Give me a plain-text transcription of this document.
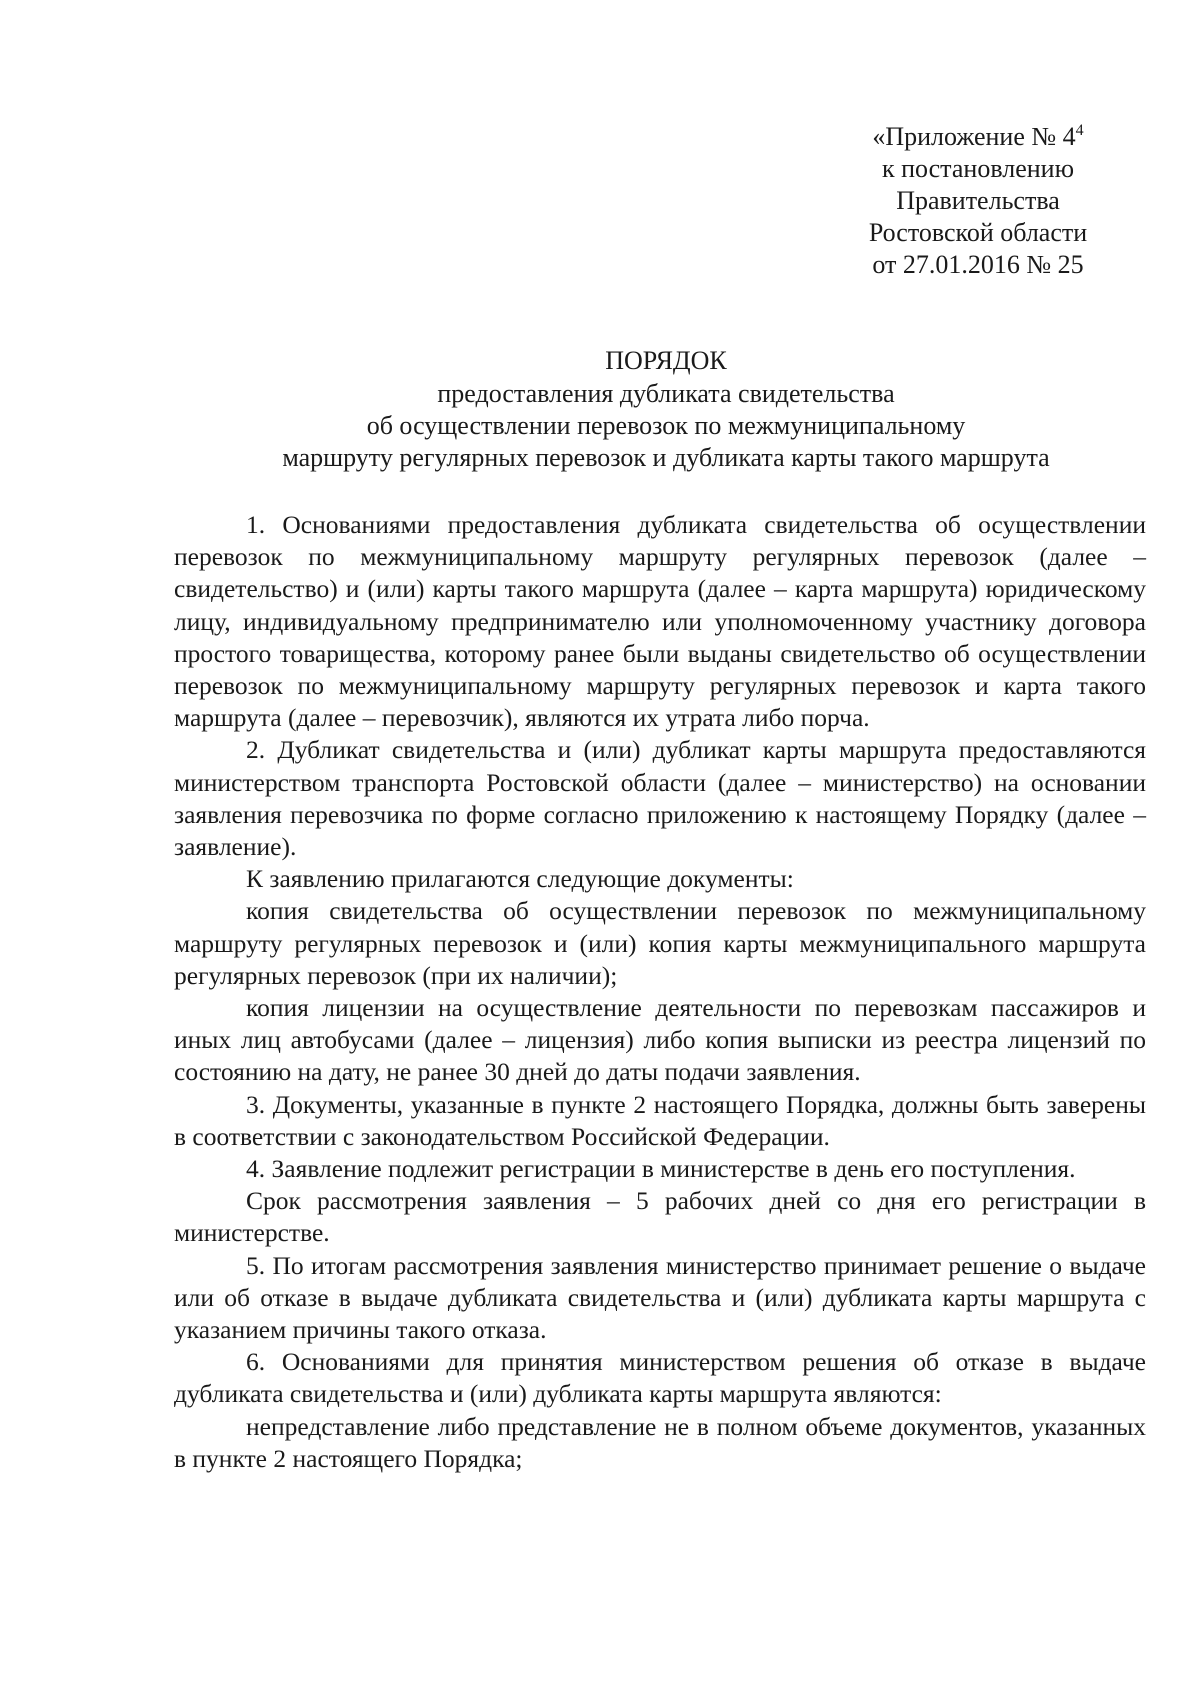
«Приложение № $4^4$
к постановлению
Правительства
Ростовской области
от 27.01.2016 № 25
ПОРЯДОК
предоставления дубликата свидетельства
об осуществлении перевозок по межмуниципальному
маршруту регулярных перевозок и дубликата карты такого маршрута

1. Основаниями предоставления дубликата свидетельства об осуществлении перевозок по межмуниципальному маршруту регулярных перевозок (далее – свидетельство) и (или) карты такого маршрута (далее – карта маршрута) юридическому лицу, индивидуальному предпринимателю или уполномоченному участнику договора простого товарищества, которому ранее были выданы свидетельство об осуществлении перевозок по межмуниципальному маршруту регулярных перевозок и карта такого маршрута (далее – перевозчик), являются их утрата либо порча.

2. Дубликат свидетельства и (или) дубликат карты маршрута предоставляются министерством транспорта Ростовской области (далее – министерство) на основании заявления перевозчика по форме согласно приложению к настоящему Порядку (далее – заявление).

К заявлению прилагаются следующие документы:

копия свидетельства об осуществлении перевозок по межмуниципальному маршруту регулярных перевозок и (или) копия карты межмуниципального маршрута регулярных перевозок (при их наличии);

копия лицензии на осуществление деятельности по перевозкам пассажиров и иных лиц автобусами (далее – лицензия) либо копия выписки из реестра лицензий по состоянию на дату, не ранее 30 дней до даты подачи заявления.

3. Документы, указанные в пункте 2 настоящего Порядка, должны быть заверены в соответствии с законодательством Российской Федерации.

4. Заявление подлежит регистрации в министерстве в день его поступления.

Срок рассмотрения заявления – 5 рабочих дней со дня его регистрации в министерстве.

5. По итогам рассмотрения заявления министерство принимает решение о выдаче или об отказе в выдаче дубликата свидетельства и (или) дубликата карты маршрута с указанием причины такого отказа.

6. Основаниями для принятия министерством решения об отказе в выдаче дубликата свидетельства и (или) дубликата карты маршрута являются:

непредставление либо представление не в полном объеме документов, указанных в пункте 2 настоящего Порядка;
